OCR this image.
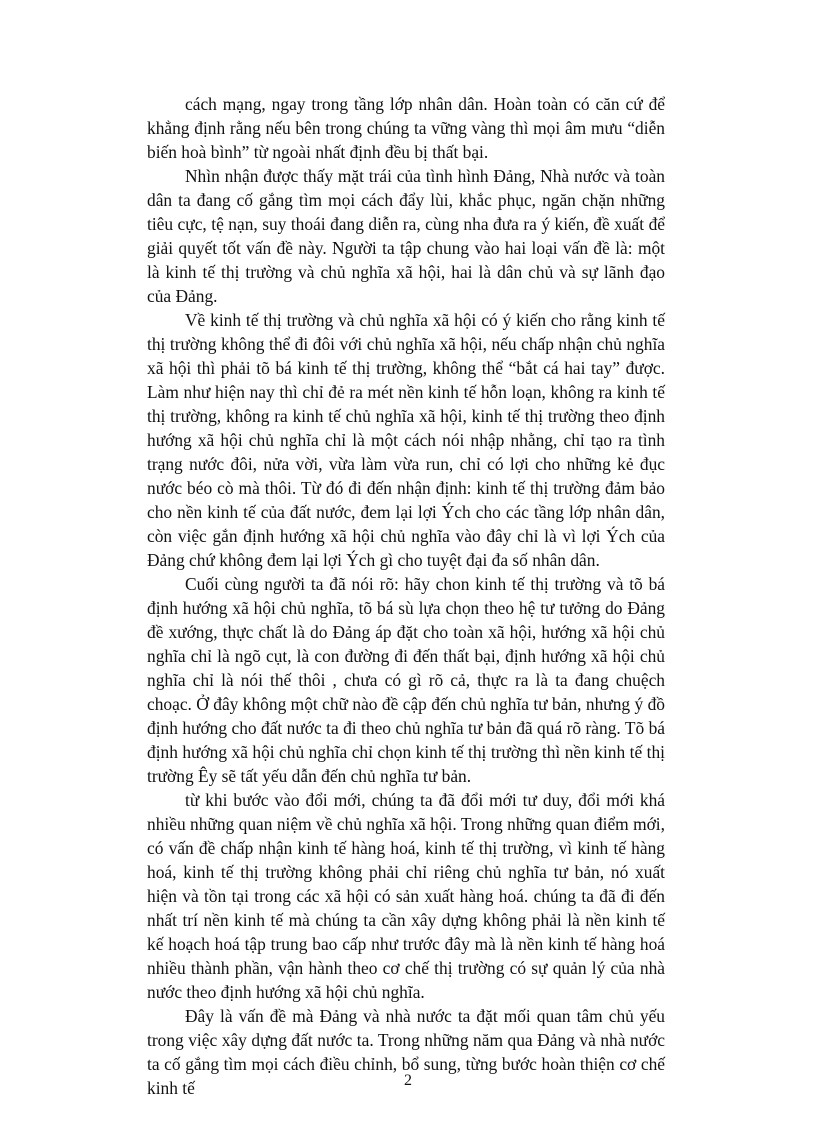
cách mạng, ngay trong tầng lớp nhân dân. Hoàn toàn có căn cứ để khẳng định rằng nếu bên trong chúng ta vững vàng thì mọi âm mưu “diễn biến hoà bình” từ ngoài nhất định đều bị thất bại.

Nhìn nhận được thấy mặt trái của tình hình Đảng, Nhà nước và toàn dân ta đang cố gắng tìm mọi cách đẩy lùi, khắc phục, ngăn chặn những tiêu cực, tệ nạn, suy thoái đang diễn ra, cùng nha đưa ra ý kiến, đề xuất để giải quyết tốt vấn đề này. Người ta tập chung vào hai loại vấn đề là: một là kinh tế thị trường và chủ nghĩa xã hội, hai là dân chủ và sự lãnh đạo của Đảng.

Về kinh tế thị trường và chủ nghĩa xã hội có ý kiến cho rằng kinh tế thị trường không thể đi đôi với chủ nghĩa xã hội, nếu chấp nhận chủ nghĩa xã hội thì phải tõ bá kinh tế thị trường, không thể “bắt cá hai tay” được. Làm như hiện nay thì chỉ đẻ ra mét nền kinh tế hỗn loạn, không ra kinh tế thị trường, không ra kinh tế chủ nghĩa xã hội, kinh tế thị trường theo định hướng xã hội chủ nghĩa chỉ là một cách nói nhập nhằng, chỉ tạo ra tình trạng nước đôi, nửa vời, vừa làm vừa run, chỉ có lợi cho những kẻ đục nước béo cò mà thôi. Từ đó đi đến nhận định: kinh tế thị trường đảm bảo cho nền kinh tế của đất nước, đem lại lợi Ých cho các tầng lớp nhân dân, còn việc gắn định hướng xã hội chủ nghĩa vào đây chỉ là vì lợi Ých của Đảng chứ không đem lại lợi Ých gì cho tuyệt đại đa số nhân dân.

Cuối cùng người ta đã nói rõ: hãy chon kinh tế thị trường và tõ bá định hướng xã hội chủ nghĩa, tõ bá sù lựa chọn theo hệ tư tưởng do Đảng đề xướng, thực chất là do Đảng áp đặt cho toàn xã hội, hướng xã hội chủ nghĩa chỉ là ngõ cụt, là con đường đi đến thất bại, định hướng xã hội chủ nghĩa chỉ là nói thế thôi , chưa có gì rõ cả, thực ra là ta đang chuệch choạc. Ở đây không một chữ nào đề cập đến chủ nghĩa tư bản, nhưng ý đồ định hướng cho đất nước ta đi theo chủ nghĩa tư bản đã quá rõ ràng. Tõ bá định hướng xã hội chủ nghĩa chỉ chọn kinh tế thị trường thì nền kinh tế thị trường Êy sẽ tất yếu dẫn đến chủ nghĩa tư bản.

từ khi bước vào đổi mới, chúng ta đã đổi mới tư duy, đổi mới khá nhiều những quan niệm về chủ nghĩa xã hội. Trong những quan điểm mới, có vấn đề chấp nhận kinh tế hàng hoá, kinh tế thị trường, vì kinh tế hàng hoá, kinh tế thị trường không phải chỉ riêng chủ nghĩa tư bản, nó xuất hiện và tồn tại trong các xã hội có sản xuất hàng hoá. chúng ta đã đi đến nhất trí nền kinh tế mà chúng ta cần xây dựng không phải là nền kinh tế kế hoạch hoá tập trung bao cấp như trước đây mà là nền kinh tế hàng hoá nhiều thành phần, vận hành theo cơ chế thị trường có sự quản lý của nhà nước theo định hướng xã hội chủ nghĩa.

Đây là vấn đề mà Đảng và nhà nước ta đặt mối quan tâm chủ yếu trong việc xây dựng đất nước ta. Trong những năm qua Đảng và nhà nước ta cố gắng tìm mọi cách điều chỉnh, bổ sung, từng bước hoàn thiện cơ chế kinh tế	2
